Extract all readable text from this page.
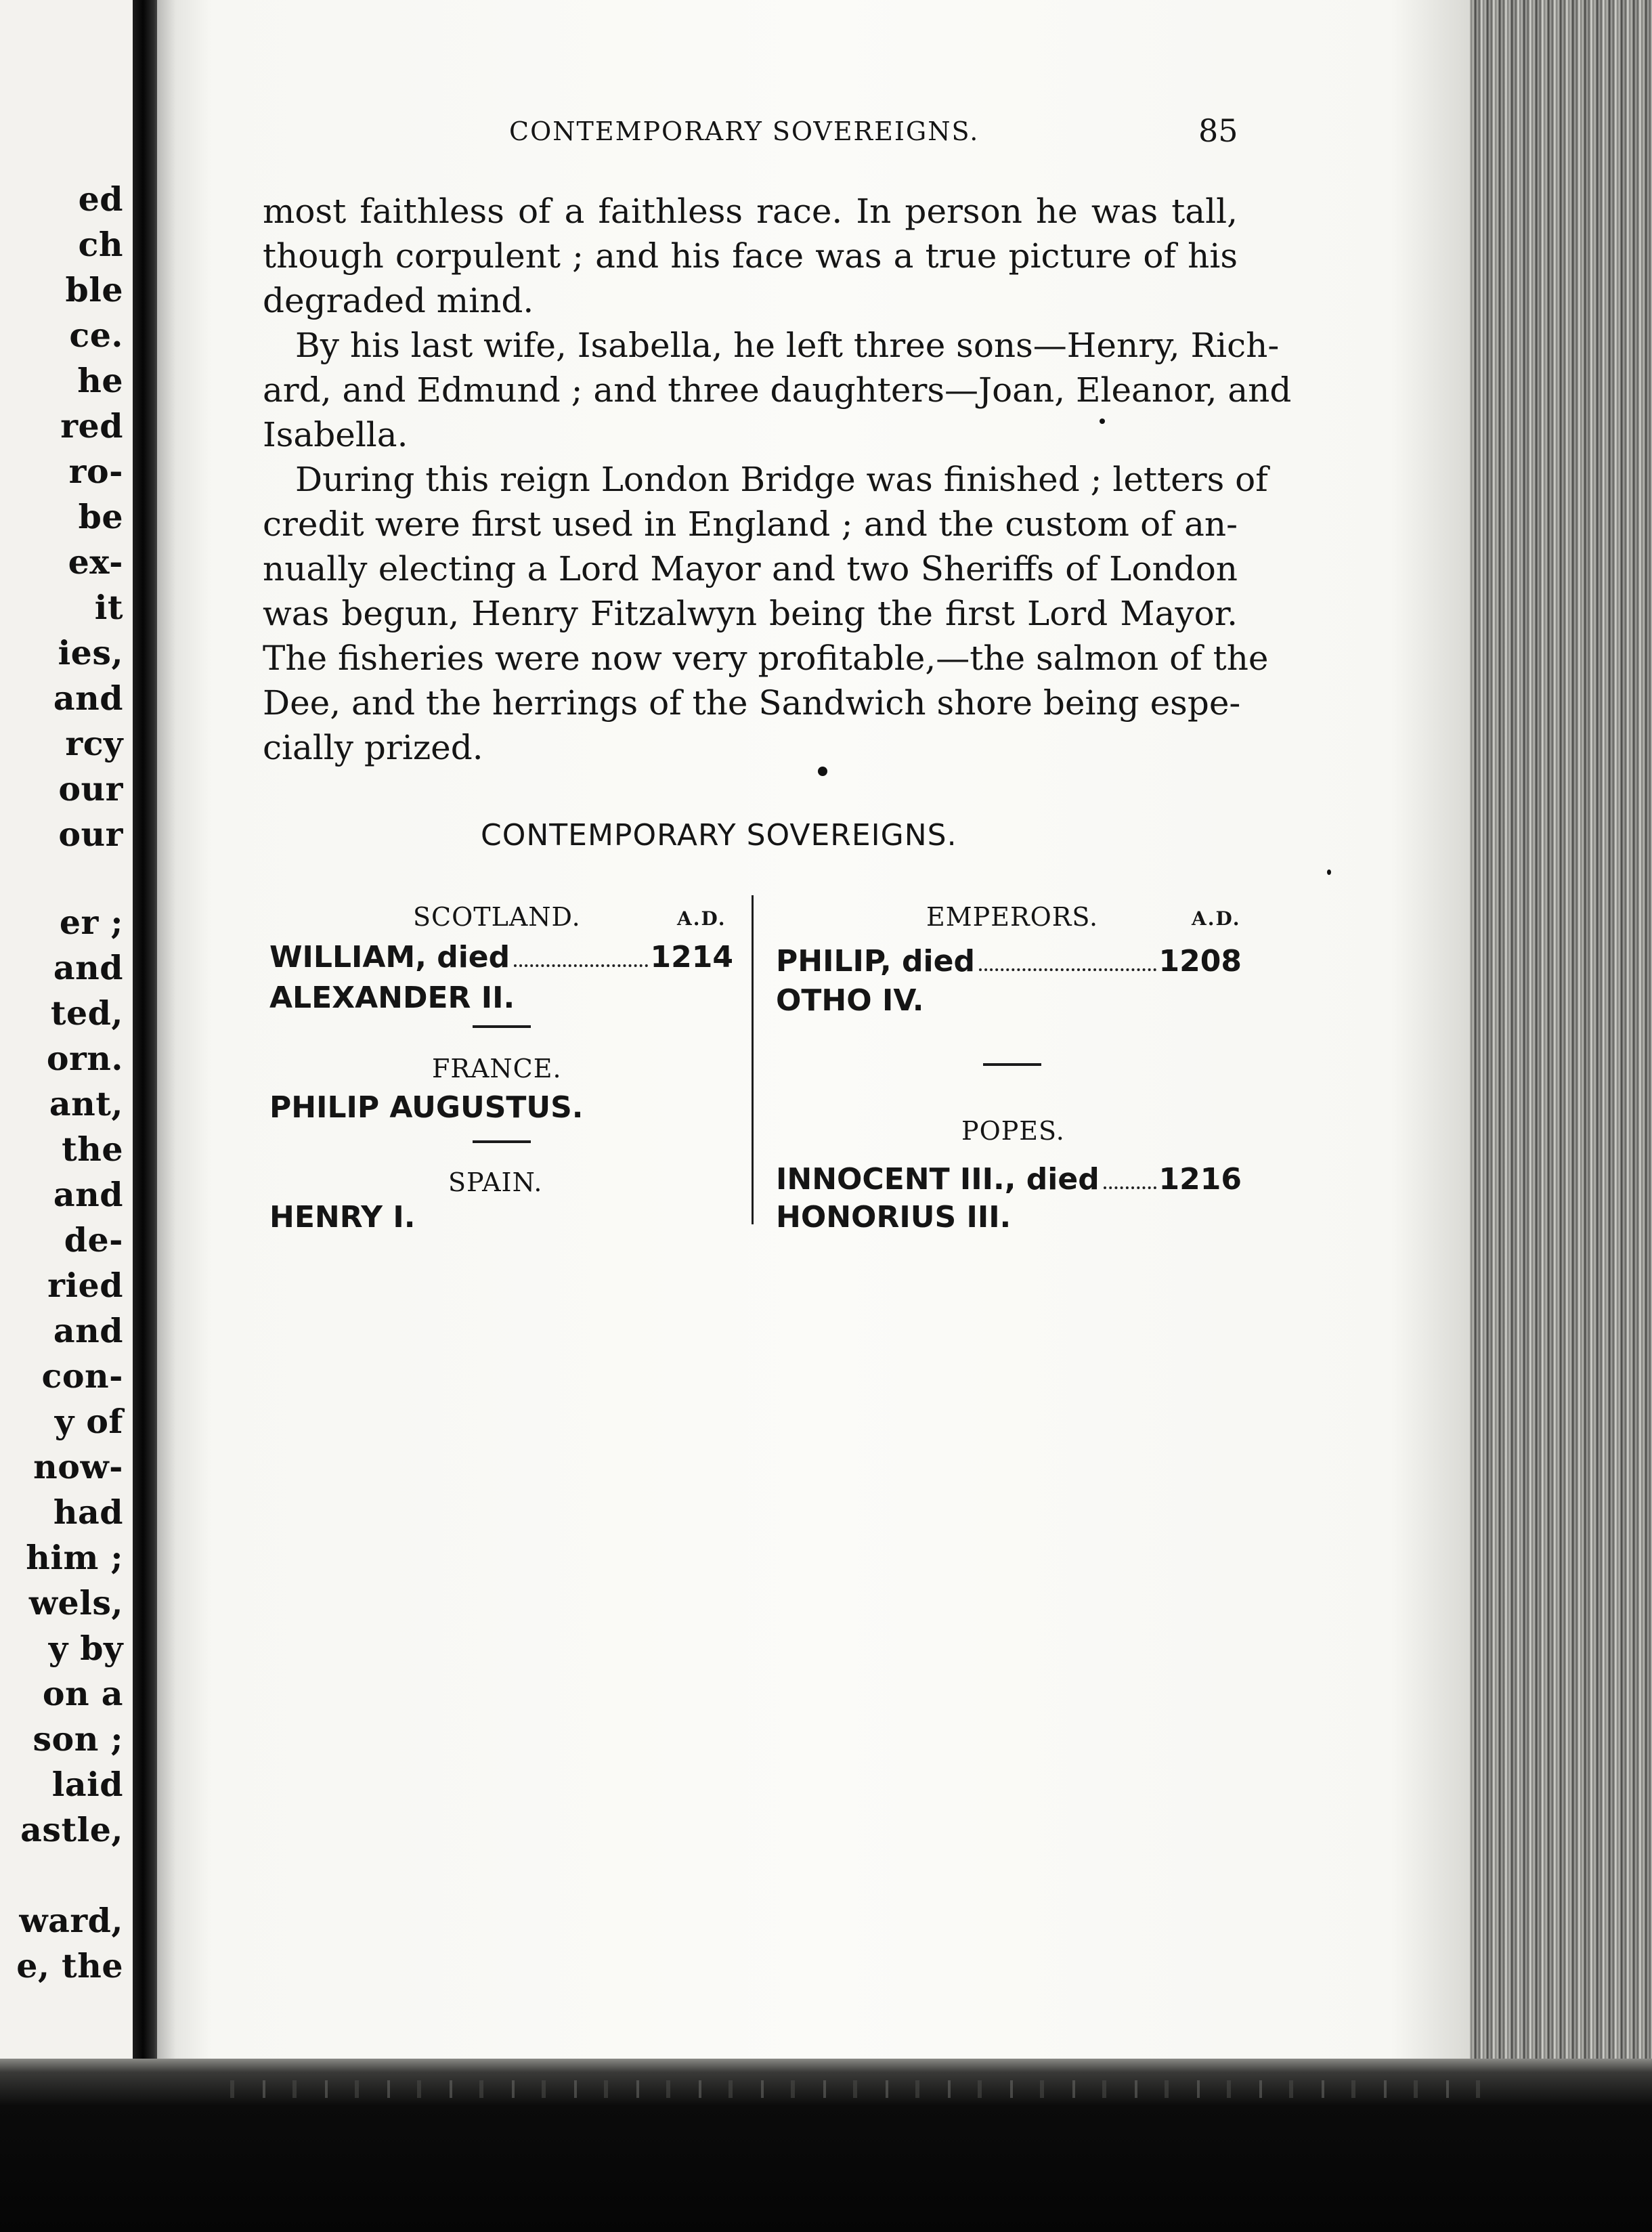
ed
ch
ble
ce.
he
red
ro-
be
ex-
it
ies,
and
rcy
our
our
er ;
and
ted,
orn.
ant,
the
and
de-
ried
and
con-
y of
now-
had
him ;
wels,
y by
on a
son ;
laid
astle,
ward,
e, the
CONTEMPORARY SOVEREIGNS.	85
most faithless of a faithless race. In person he was tall,
though corpulent ; and his face was a true picture of his
degraded mind.
By his last wife, Isabella, he left three sons—Henry, Rich-
ard, and Edmund ; and three daughters—Joan, Eleanor, and
Isabella.
During this reign London Bridge was finished ; letters of
credit were first used in England ; and the custom of an-
nually electing a Lord Mayor and two Sheriffs of London
was begun, Henry Fitzalwyn being the first Lord Mayor.
The fisheries were now very profitable,—the salmon of the
Dee, and the herrings of the Sandwich shore being espe-
cially prized.
CONTEMPORARY SOVEREIGNS.
SCOTLAND.	A.D.
WILLIAM, died	1214
ALEXANDER II.
FRANCE.
PHILIP AUGUSTUS.
SPAIN.
HENRY I.
EMPERORS.	A.D.
PHILIP, died	1208
OTHO IV.
POPES.
INNOCENT III., died 1216
HONORIUS III.
